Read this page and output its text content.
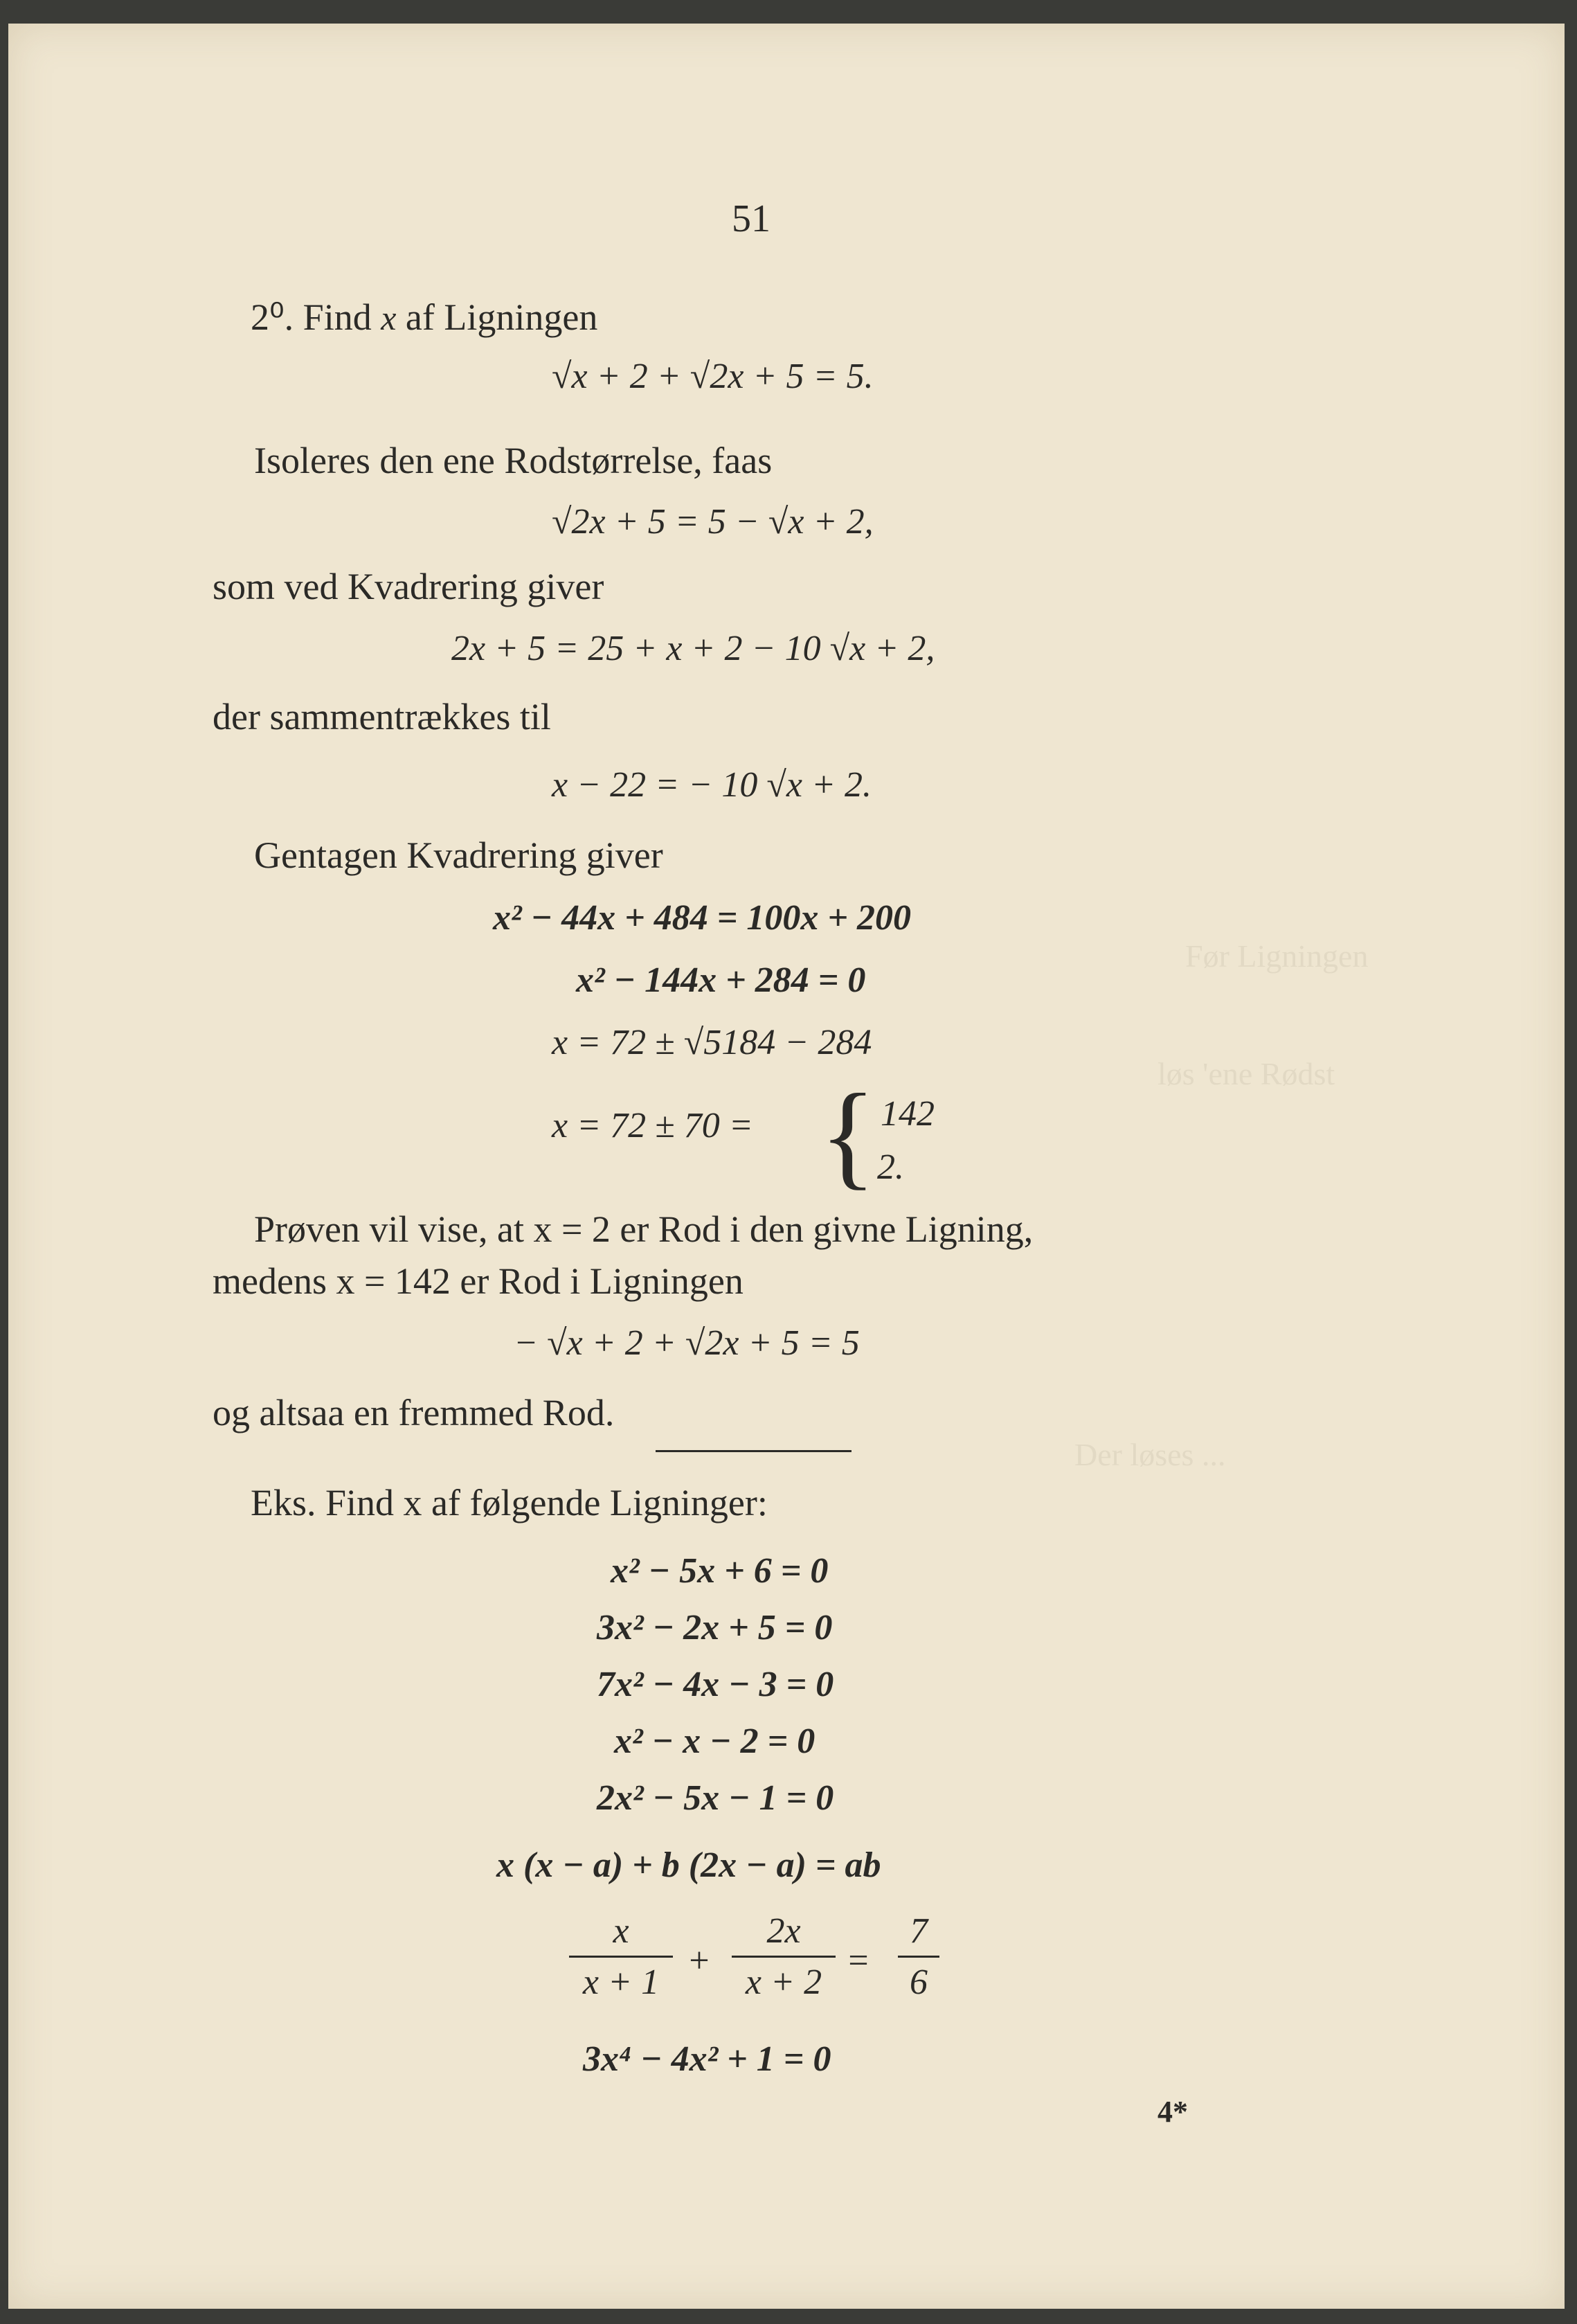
Før Ligningen
løs 'ene Rødst
Der løses ...
51
2⁰. Find x af Ligningen
√x + 2 + √2x + 5 = 5.
Isoleres den ene Rodstørrelse, faas
√2x + 5 = 5 − √x + 2,
som ved Kvadrering giver
2x + 5 = 25 + x + 2 − 10 √x + 2,
der sammentrækkes til
x − 22 = − 10 √x + 2.
Gentagen Kvadrering giver
x² − 44x + 484 = 100x + 200
x² − 144x + 284 = 0
x = 72 ± √5184 − 284
x = 72 ± 70 = { 142
2.
Prøven vil vise, at x = 2 er Rod i den givne Ligning,
medens x = 142 er Rod i Ligningen
− √x + 2 + √2x + 5 = 5
og altsaa en fremmed Rod.
Eks. Find x af følgende Ligninger:
x² − 5x + 6 = 0
3x² − 2x + 5 = 0
7x² − 4x − 3 = 0
x² − x − 2 = 0
2x² − 5x − 1 = 0
x (x − a) + b (2x − a) = ab
x
x + 1
+
2x
x + 2
=
7
6
3x⁴ − 4x² + 1 = 0
4*
